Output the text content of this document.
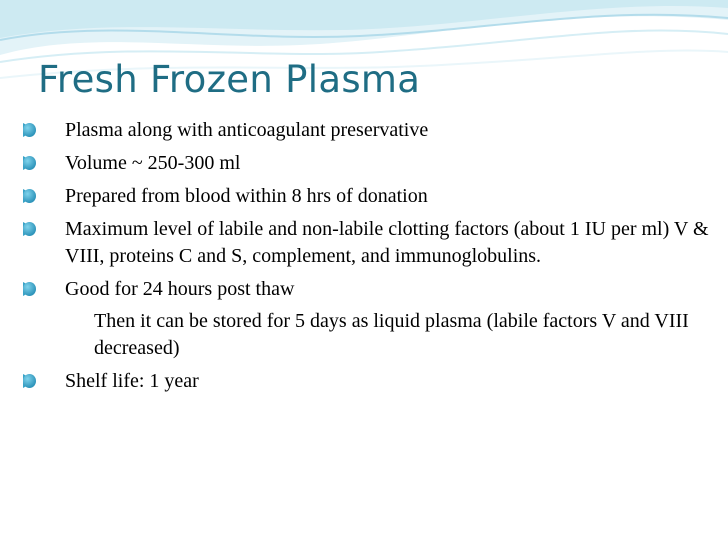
Fresh Frozen Plasma
Plasma along with anticoagulant preservative
Volume ~ 250-300 ml
Prepared from blood within 8 hrs of donation
Maximum level of labile and non-labile clotting factors (about 1 IU per ml) V & VIII, proteins C and S, complement, and immunoglobulins.
Good for 24 hours post thaw
Then it can be stored for 5 days as liquid plasma (labile factors V and VIII decreased)
Shelf life: 1 year
